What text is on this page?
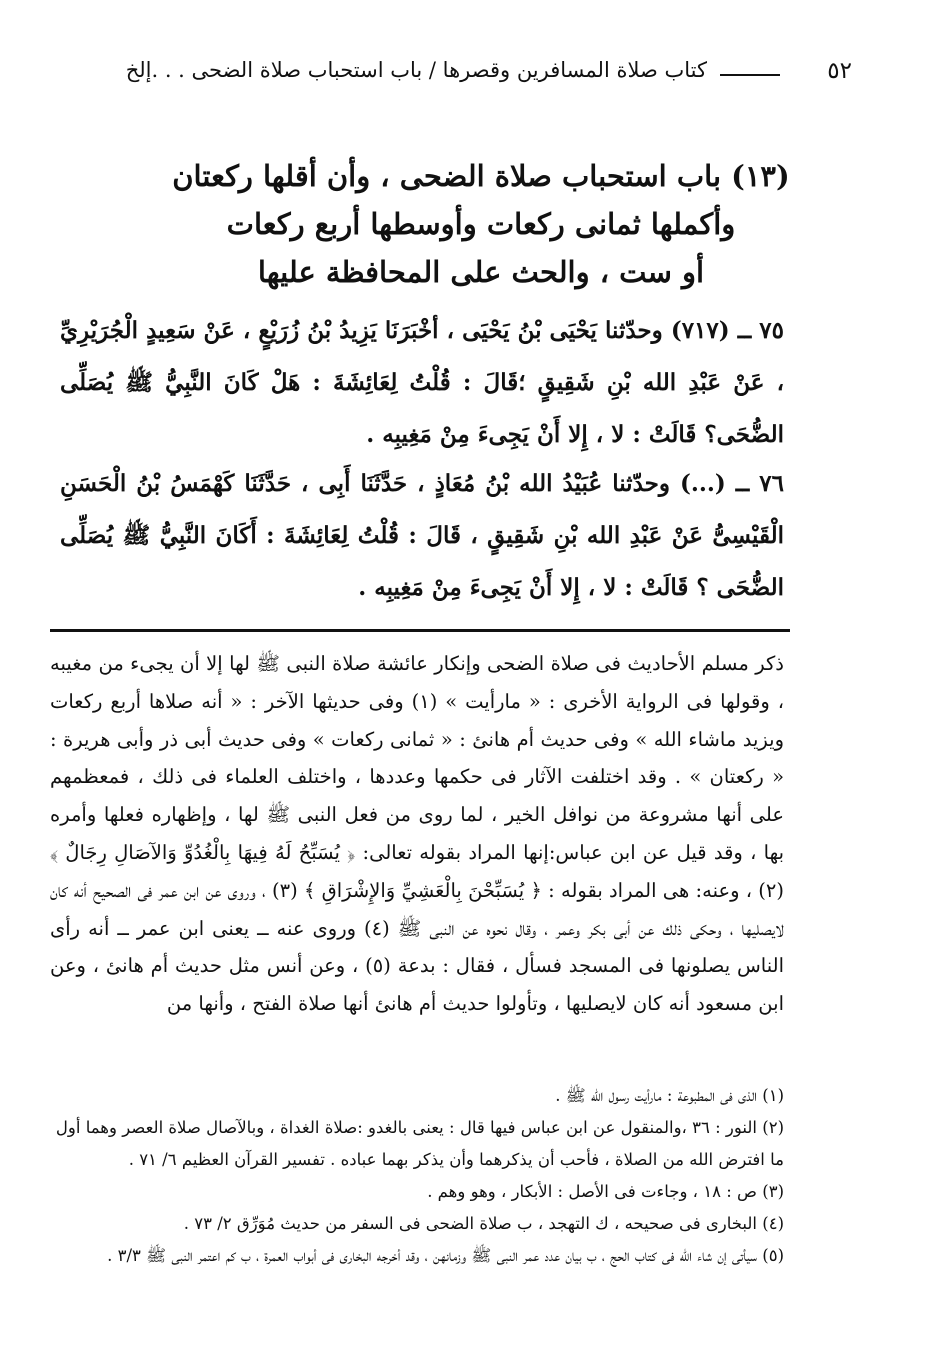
٥٢
كتاب صلاة المسافرين وقصرها / باب استحباب صلاة الضحى . . .إلخ
(١٣) باب استحباب صلاة الضحى ، وأن أقلها ركعتان
وأكملها ثمانى ركعات وأوسطها أربع ركعات
أو ست ، والحث على المحافظة عليها

٧٥ ــ (٧١٧) وحدّثنا يَحْيَى بْنُ يَحْيَى ، أخْبَرَنَا يَزِيدُ بْنُ زُرَيْعٍ ، عَنْ سَعِيدٍ الْجُرَيْرِيِّ ، عَنْ عَبْدِ الله بْنِ شَقِيقٍ ؛قَالَ : قُلْتُ لِعَائِشَةَ : هَلْ كَانَ النَّبِيُّ ﷺ يُصَلِّى الضُّحَى؟ قَالَتْ : لا ، إِلا أَنْ يَجِىءَ مِنْ مَغِيبِه .

٧٦ ــ (...) وحدّثنا عُبَيْدُ الله بْنُ مُعَاذٍ ، حَدَّثَنَا أَبِى ، حَدَّثَنَا كَهْمَسُ بْنُ الْحَسَنِ الْقَيْسِىُّ عَنْ عَبْدِ الله بْنِ شَقِيقٍ ، قَالَ : قُلْتُ لِعَائِشَةَ : أَكَانَ النَّبِيُّ ﷺ يُصَلِّى الضُّحَى ؟ قَالَتْ : لا ، إِلا أَنْ يَجِىءَ مِنْ مَغِيبِه .

ذكر مسلم الأحاديث فى صلاة الضحى وإنكار عائشة صلاة النبى ﷺ لها إلا أن يجىء من مغيبه ، وقولها فى الرواية الأخرى : « مارأيت » (١) وفى حديثها الآخر : « أنه صلاها أربع ركعات ويزيد ماشاء الله » وفى حديث أم هانئ : « ثمانى ركعات » وفى حديث أبى ذر وأبى هريرة : « ركعتان » . وقد اختلفت الآثار فى حكمها وعددها ، واختلف العلماء فى ذلك ، فمعظمهم على أنها مشروعة من نوافل الخير ، لما روى من فعل النبى ﷺ لها ، وإظهاره فعلها وأمره بها ، وقد قيل عن ابن عباس:إنها المراد بقوله تعالى: ﴿ يُسَبِّحُ لَهُ فِيهَا بِالْغُدُوِّ وَالآصَالِ رِجَالٌ ﴾ (٢) ، وعنه: هى المراد بقوله : ﴿ يُسَبِّحْنَ بِالْعَشِيِّ وَالإِشْرَاقِ ﴾ (٣) ، وروى عن ابن عمر فى الصحيح أنه كان لايصليها ، وحكى ذلك عن أبى بكر وعمر ، وقال نحوه عن النبى ﷺ (٤) وروى عنه ــ يعنى ابن عمر ــ أنه رأى الناس يصلونها فى المسجد فسأل ، فقال : بدعة (٥) ، وعن أنس مثل حديث أم هانئ ، وعن ابن مسعود أنه كان لايصليها ، وتأولوا حديث أم هانئ أنها صلاة الفتح ، وأنها من

(١) الذى فى المطبوعة : مارأيت رسول الله ﷺ .

(٢) النور : ٣٦ ،والمنقول عن ابن عباس فيها قال : يعنى بالغدو :صلاة الغداة ، وبالآصال صلاة العصر وهما أول ما افترض الله من الصلاة ، فأحب أن يذكرهما وأن يذكر بهما عباده . تفسير القرآن العظيم ٦/ ٧١ .

(٣) ص : ١٨ ، وجاءت فى الأصل : الأبكار ، وهو وهم .

(٤) البخارى فى صحيحه ، ك التهجد ، ب صلاة الضحى فى السفر من حديث مُوَرِّق ٢/ ٧٣ .

(٥) سيأتى إن شاء الله فى كتاب الحج ، ب بيان عدد عمر النبى ﷺ وزمانهن ، وقد أخرجه البخارى فى أبواب العمرة ، ب كم اعتمر النبى ﷺ ٣/٣ .
